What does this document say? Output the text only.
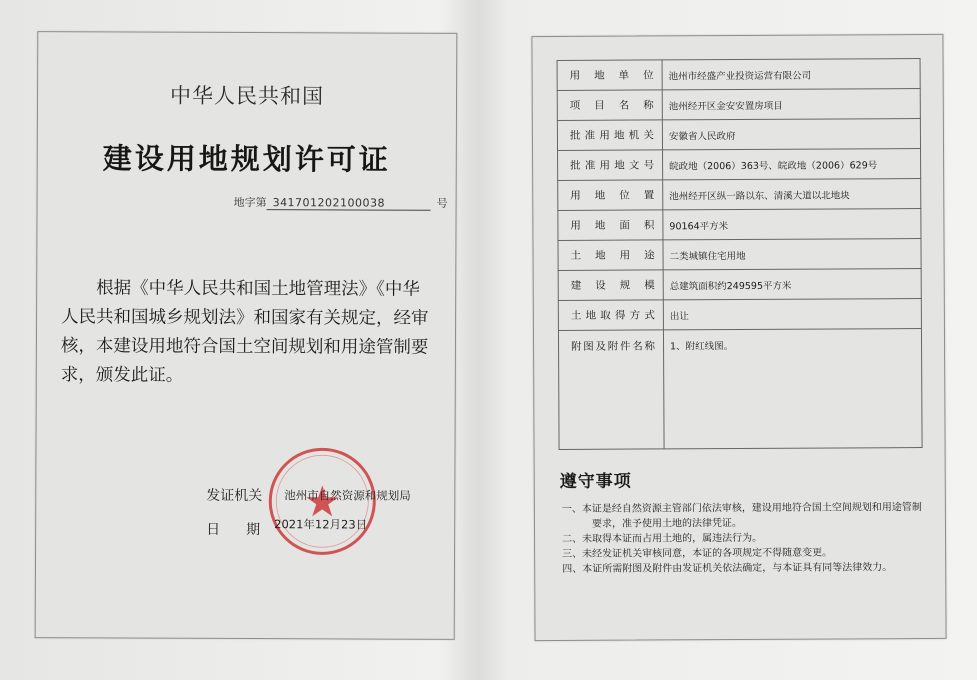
中华人民共和国
建设用地规划许可证
地字第 341701202100038	号
根据《中华人民共和国土地管理法》《中华人民共和国城乡规划法》和国家有关规定，经审核，本建设用地符合国土空间规划和用途管制要求，颁发此证。
发证机关 池州市自然资源和规划局
日期
2021年12月23日
用地单位	池州市经盛产业投资运营有限公司
项目名称	池州经开区金安安置房项目
批准用地机关	安徽省人民政府
批准用地文号	皖政地（2006）363号、皖政地（2006）629号
用地位置	池州经开区纵一路以东、清溪大道以北地块
用地面积	90164平方米
土地用途	二类城镇住宅用地
建设规模	总建筑面积约249595平方米
土地取得方式	出让
附图及附件名称	1、附红线图。
遵守事项
一、本证是经自然资源主管部门依法审核，建设用地符合国土空间规划和用途管制要求，准予使用土地的法律凭证。
二、未取得本证而占用土地的，属违法行为。
三、未经发证机关审核同意，本证的各项规定不得随意变更。
四、本证所需附图及附件由发证机关依法确定，与本证具有同等法律效力。
